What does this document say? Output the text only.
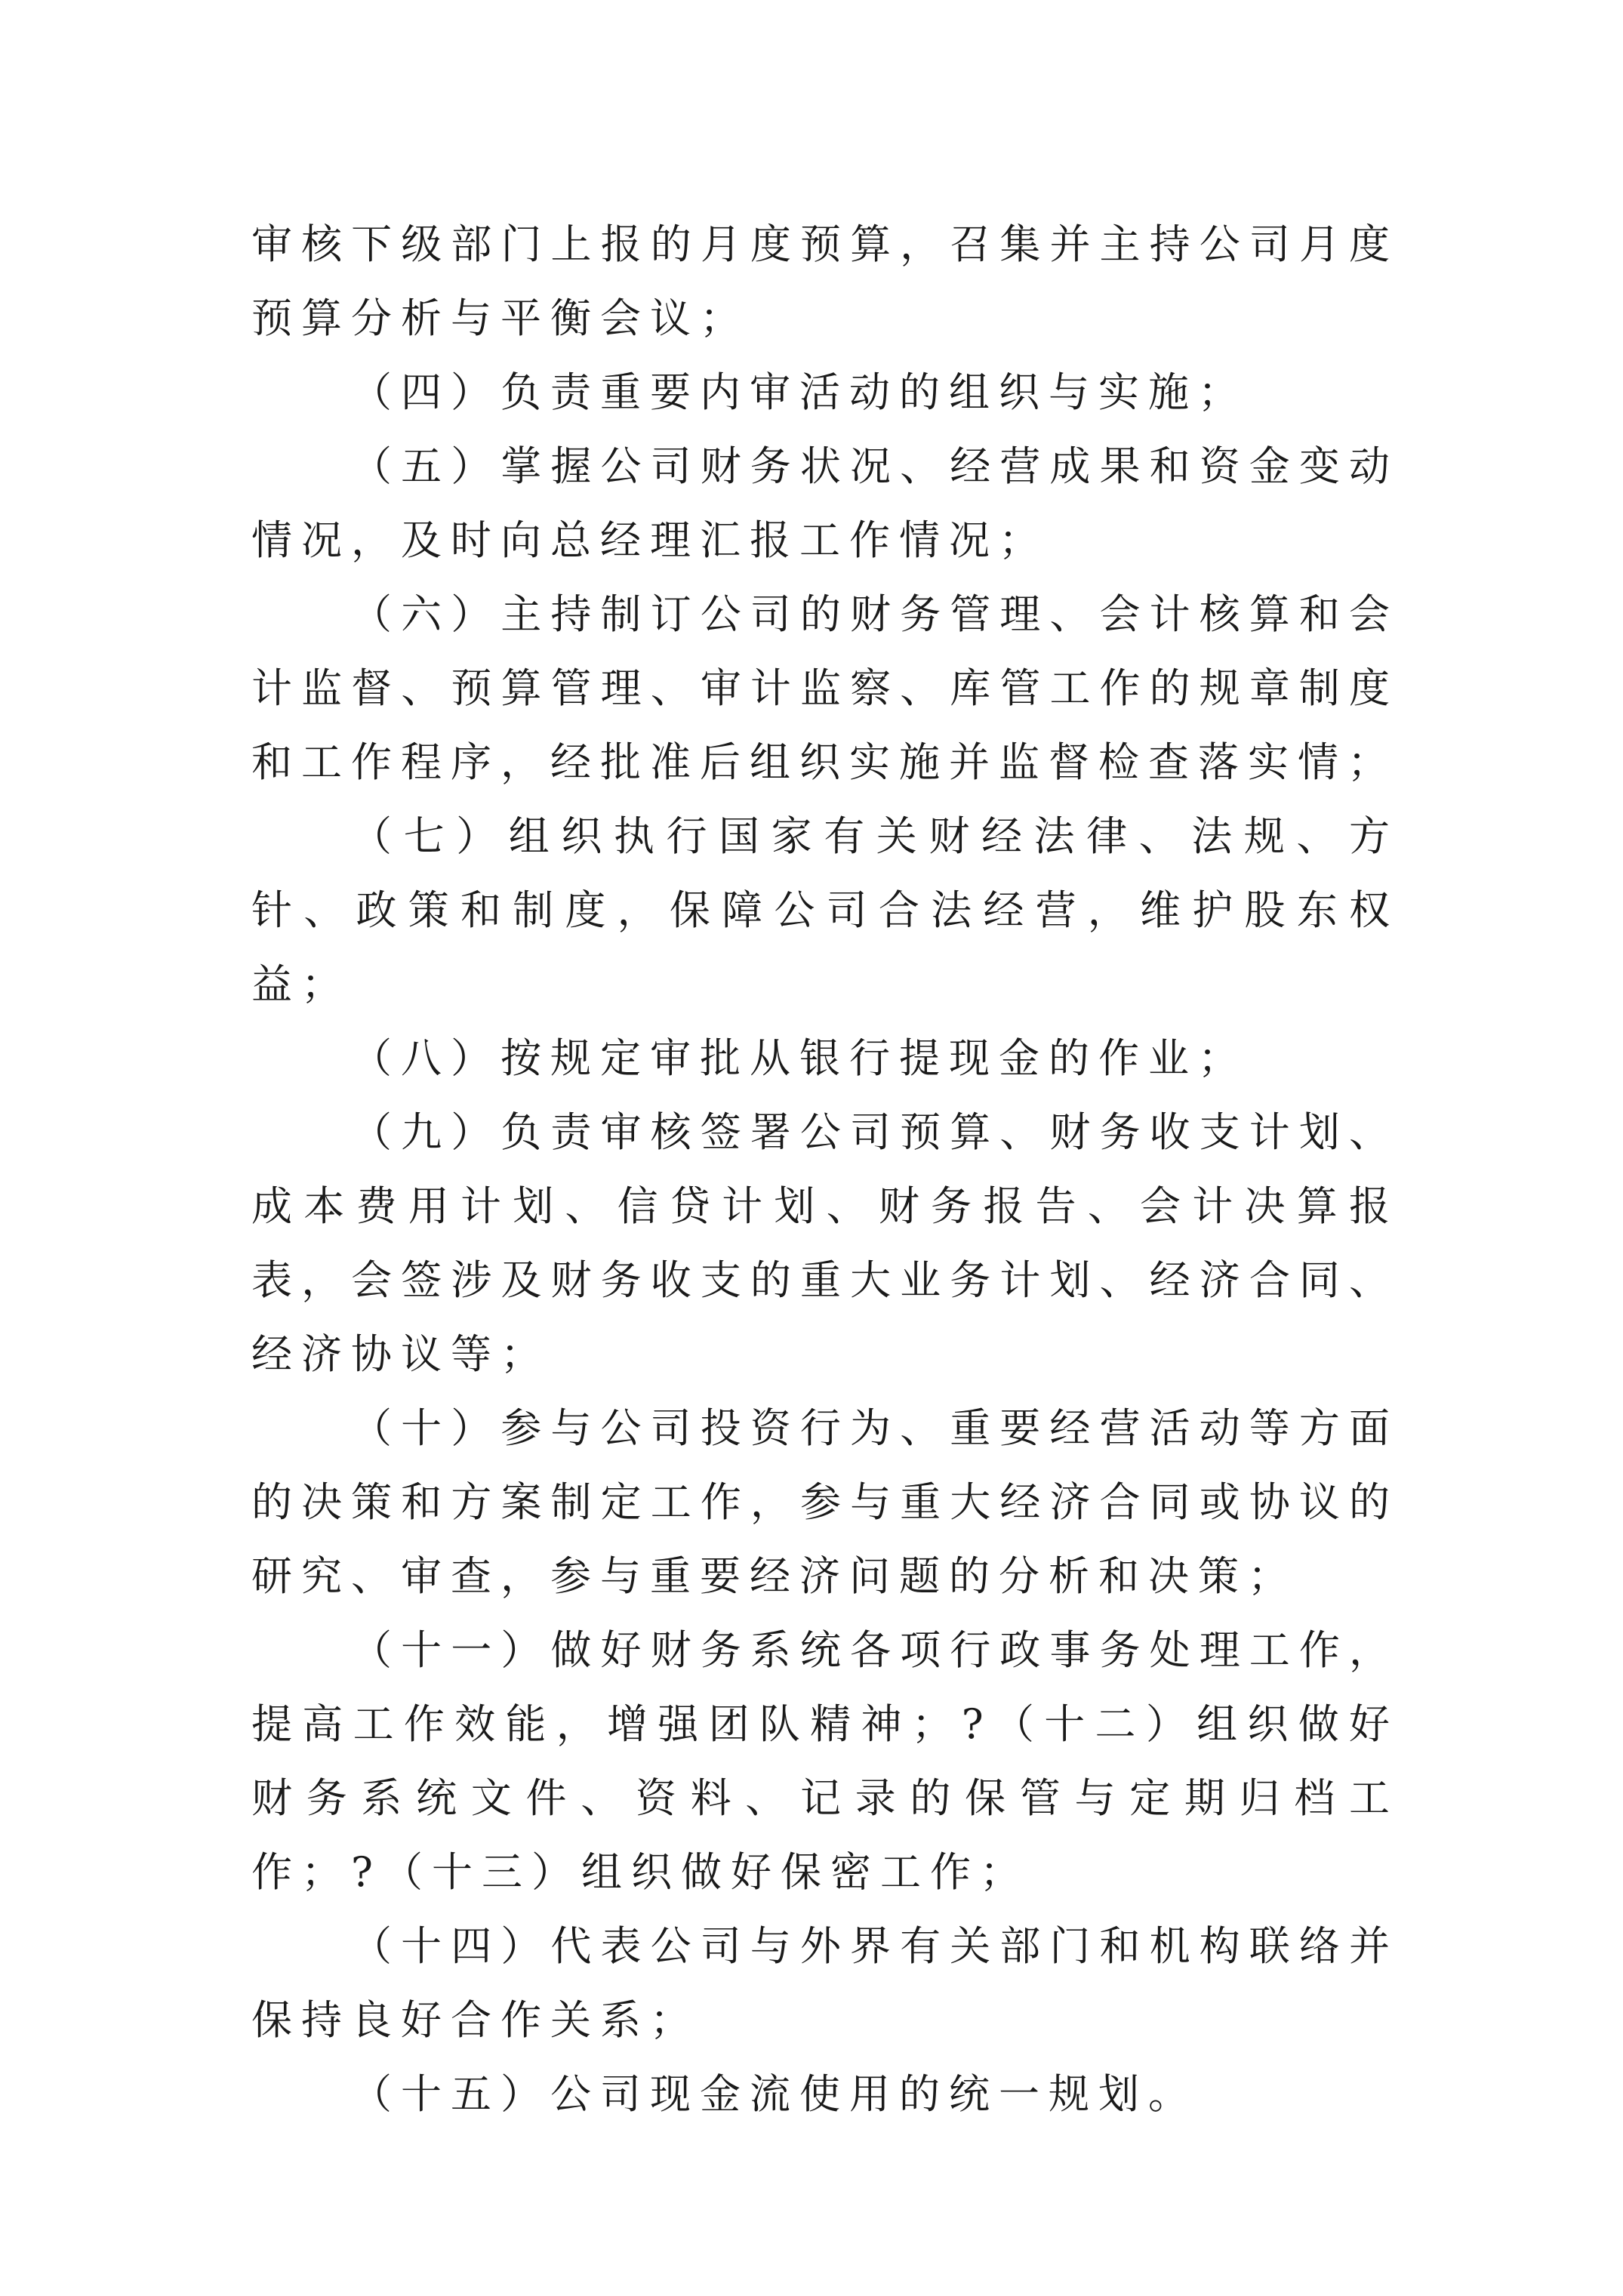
审核下级部门上报的月度预算，召集并主持公司月度预算分析与平衡会议；

（四）负责重要内审活动的组织与实施；

（五）掌握公司财务状况、经营成果和资金变动情况，及时向总经理汇报工作情况；

（六）主持制订公司的财务管理、会计核算和会计监督、预算管理、审计监察、库管工作的规章制度和工作程序，经批准后组织实施并监督检查落实情；

（七）组织执行国家有关财经法律、法规、方针、政策和制度，保障公司合法经营，维护股东权益；

（八）按规定审批从银行提现金的作业；

（九）负责审核签署公司预算、财务收支计划、成本费用计划、信贷计划、财务报告、会计决算报表，会签涉及财务收支的重大业务计划、经济合同、经济协议等；

（十）参与公司投资行为、重要经营活动等方面的决策和方案制定工作，参与重大经济合同或协议的研究、审查，参与重要经济问题的分析和决策；

（十一）做好财务系统各项行政事务处理工作，提高工作效能，增强团队精神；?（十二）组织做好财务系统文件、资料、记录的保管与定期归档工作；?（十三）组织做好保密工作；

（十四）代表公司与外界有关部门和机构联络并保持良好合作关系；

（十五）公司现金流使用的统一规划。
